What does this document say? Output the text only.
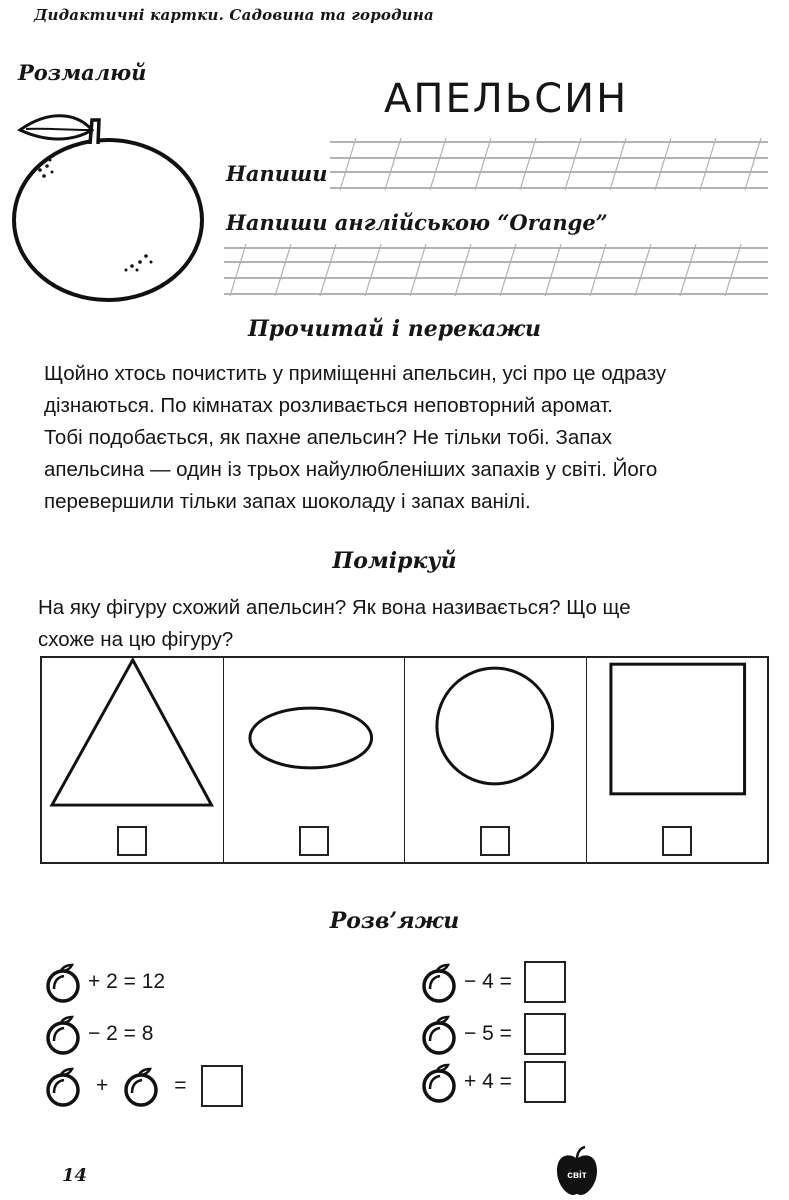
Дидактичні картки. Садовина та городина
Розмалюй
АПЕЛЬСИН
Напиши
Напиши англійською “Orange”
Прочитай і перекажи

Щойно хтось почистить у приміщенні апельсин, усі про це одразу
дізнаються. По кімнатах розливається неповторний аромат.
Тобі подобається, як пахне апельсин? Не тільки тобі. Запах
апельсина — один із трьох найулюбленіших запахів у світі. Його
перевершили тільки запах шоколаду і запах ванілі.

Поміркуй

На яку фігуру схожий апельсин? Як вона називається? Що ще
схоже на цю фігуру?

Розв’яжи
+ 2 = 12
− 2 = 8
+	=
− 4 =
− 5 =
+ 4 =
14	світ
